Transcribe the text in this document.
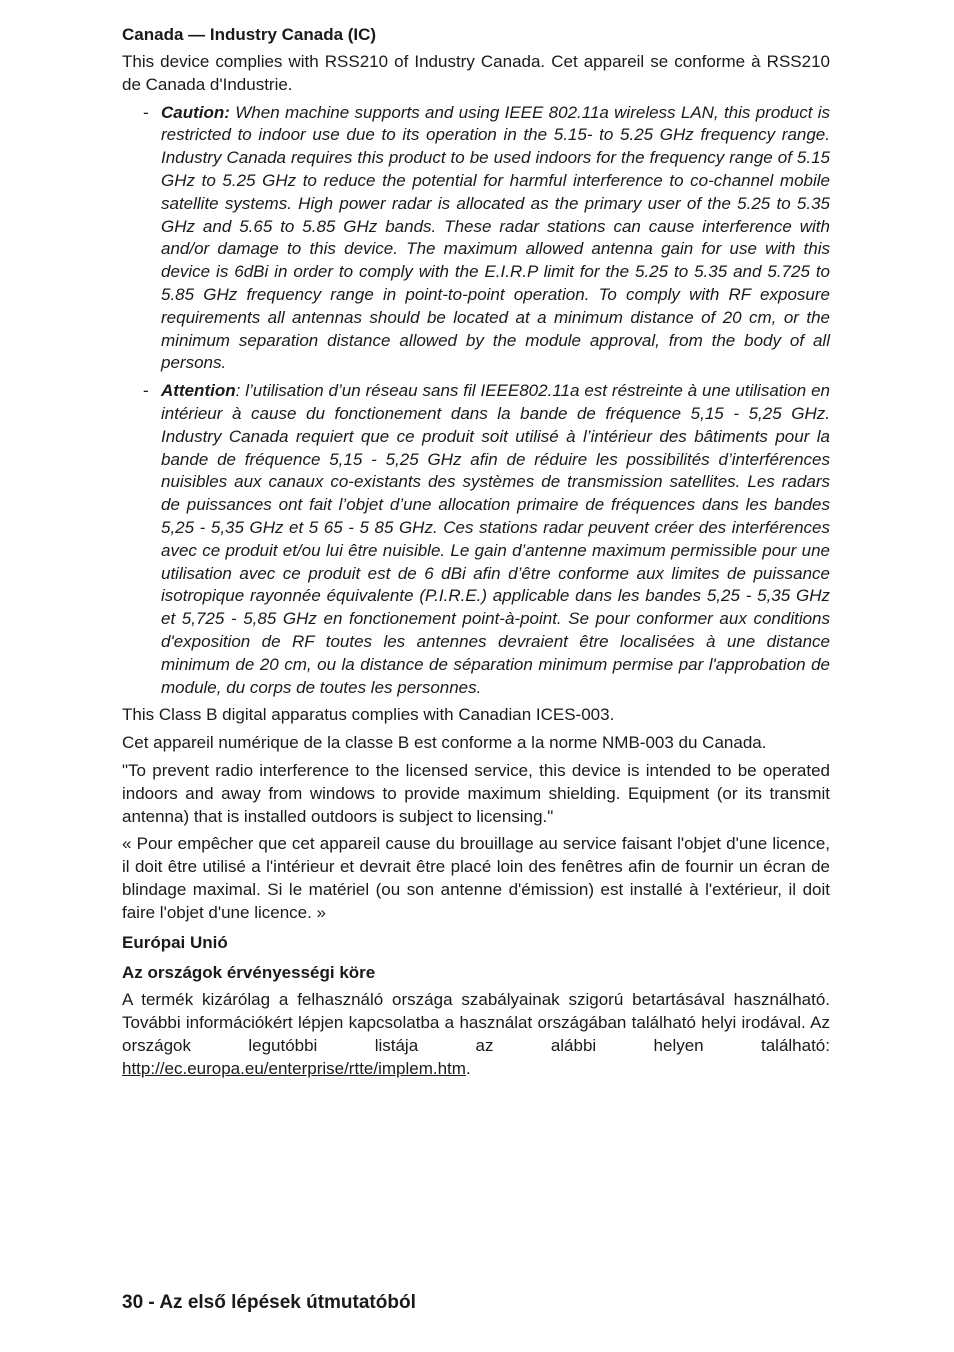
Canada — Industry Canada (IC)

This device complies with RSS210 of Industry Canada. Cet appareil se conforme à RSS210 de Canada d'Industrie.

- Caution: When machine supports and using IEEE 802.11a wireless LAN, this product is restricted to indoor use due to its operation in the 5.15- to 5.25 GHz frequency range. Industry Canada requires this product to be used indoors for the frequency range of 5.15 GHz to 5.25 GHz to reduce the potential for harmful interference to co-channel mobile satellite systems. High power radar is allocated as the primary user of the 5.25 to 5.35 GHz and 5.65 to 5.85 GHz bands. These radar stations can cause interference with and/or damage to this device. The maximum allowed antenna gain for use with this device is 6dBi in order to comply with the E.I.R.P limit for the 5.25 to 5.35 and 5.725 to 5.85 GHz frequency range in point-to-point operation. To comply with RF exposure requirements all antennas should be located at a minimum distance of 20 cm, or the minimum separation distance allowed by the module approval, from the body of all persons.
- Attention: l’utilisation d’un réseau sans fil IEEE802.11a est réstreinte à une utilisation en intérieur à cause du fonctionement dans la bande de fréquence 5,15 - 5,25 GHz. Industry Canada requiert que ce produit soit utilisé à l’intérieur des bâtiments pour la bande de fréquence 5,15 - 5,25 GHz afin de réduire les possibilités d’interférences nuisibles aux canaux co-existants des systèmes de transmission satellites. Les radars de puissances ont fait l’objet d’une allocation primaire de fréquences dans les bandes 5,25 - 5,35 GHz et 5 65 - 5 85 GHz. Ces stations radar peuvent créer des interférences avec ce produit et/ou lui être nuisible. Le gain d’antenne maximum permissible pour une utilisation avec ce produit est de 6 dBi afin d’être conforme aux limites de puissance isotropique rayonnée équivalente (P.I.R.E.) applicable dans les bandes 5,25 - 5,35 GHz et 5,725 - 5,85 GHz en fonctionement point-à-point. Se pour conformer aux conditions d'exposition de RF toutes les antennes devraient être localisées à une distance minimum de 20 cm, ou la distance de séparation minimum permise par l'approbation de module, du corps de toutes les personnes.

This Class B digital apparatus complies with Canadian ICES-003.

Cet appareil numérique de la classe B est conforme a la norme NMB-003 du Canada.

"To prevent radio interference to the licensed service, this device is intended to be operated indoors and away from windows to provide maximum shielding. Equipment (or its transmit antenna) that is installed outdoors is subject to licensing."

« Pour empêcher que cet appareil cause du brouillage au service faisant l'objet d'une licence, il doit être utilisé a l'intérieur et devrait être placé loin des fenêtres afin de fournir un écran de blindage maximal. Si le matériel (ou son antenne d'émission) est installé à l'extérieur, il doit faire l'objet d'une licence. »

Európai Unió
Az országok érvényességi köre

A termék kizárólag a felhasználó országa szabályainak szigorú betartásával használható. További információkért lépjen kapcsolatba a használat országában található helyi irodával. Az országok legutóbbi listája az alábbi helyen található: http://ec.europa.eu/enterprise/rtte/implem.htm.

30 - Az első lépések útmutatóból
